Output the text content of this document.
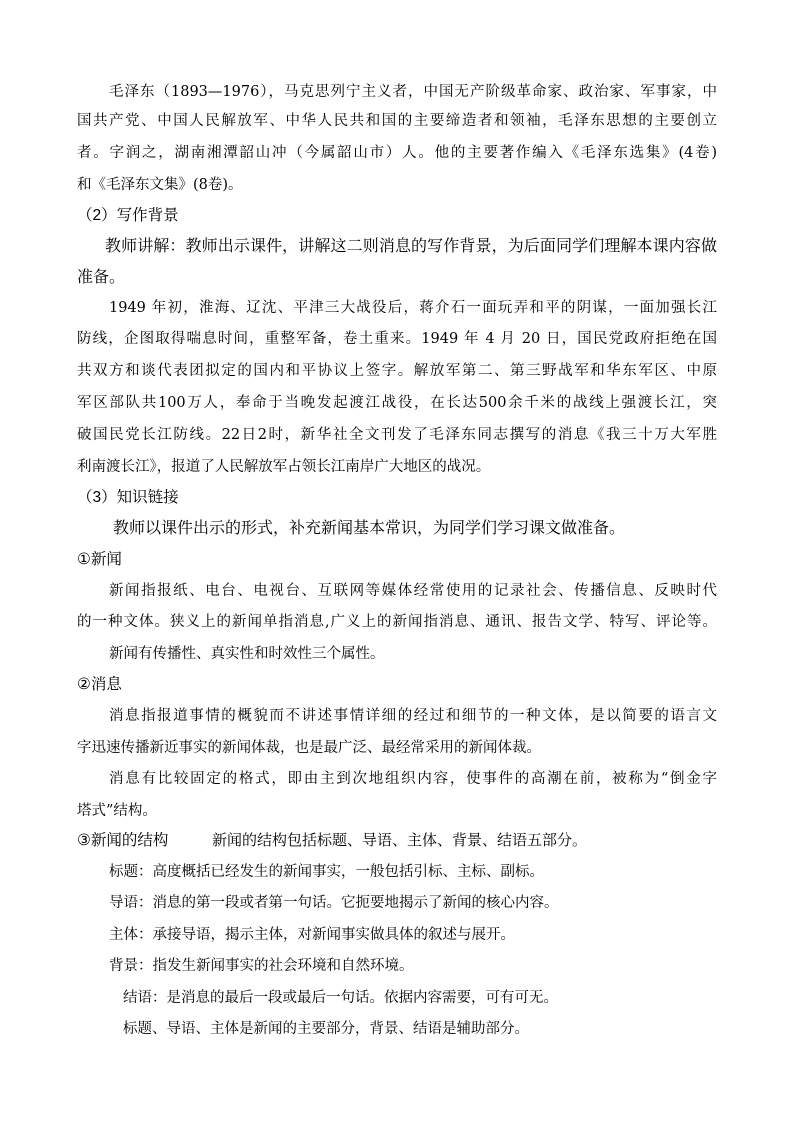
毛泽东（1893—1976），马克思列宁主义者，中国无产阶级革命家、政治家、军事家，中

国共产党、中国人民解放军、中华人民共和国的主要缔造者和领袖，毛泽东思想的主要创立

者。字润之，湖南湘潭韶山冲（今属韶山市）人。他的主要著作编入《毛泽东选集》(4卷)

和《毛泽东文集》(8卷)。

（2）写作背景

教师讲解：教师出示课件，讲解这二则消息的写作背景，为后面同学们理解本课内容做

准备。

1949 年初，淮海、辽沈、平津三大战役后，蒋介石一面玩弄和平的阴谋，一面加强长江

防线，企图取得喘息时间，重整军备，卷土重来。1949 年 4 月 20 日，国民党政府拒绝在国

共双方和谈代表团拟定的国内和平协议上签字。解放军第二、第三野战军和华东军区、中原

军区部队共100万人，奉命于当晚发起渡江战役，在长达500余千米的战线上强渡长江，突

破国民党长江防线。22日2时，新华社全文刊发了毛泽东同志撰写的消息《我三十万大军胜

利南渡长江》，报道了人民解放军占领长江南岸广大地区的战况。

（3）知识链接

教师以课件出示的形式，补充新闻基本常识，为同学们学习课文做准备。

①新闻

新闻指报纸、电台、电视台、互联网等媒体经常使用的记录社会、传播信息、反映时代

的一种文体。狭义上的新闻单指消息,广义上的新闻指消息、通讯、报告文学、特写、评论等。

新闻有传播性、真实性和时效性三个属性。

②消息

消息指报道事情的概貌而不讲述事情详细的经过和细节的一种文体，是以简要的语言文

字迅速传播新近事实的新闻体裁，也是最广泛、最经常采用的新闻体裁。

消息有比较固定的格式，即由主到次地组织内容，使事件的高潮在前，被称为“倒金字

塔式”结构。

③新闻的结构	新闻的结构包括标题、导语、主体、背景、结语五部分。

标题：高度概括已经发生的新闻事实，一般包括引标、主标、副标。

导语：消息的第一段或者第一句话。它扼要地揭示了新闻的核心内容。

主体：承接导语，揭示主体，对新闻事实做具体的叙述与展开。

背景：指发生新闻事实的社会环境和自然环境。

结语：是消息的最后一段或最后一句话。依据内容需要，可有可无。

标题、导语、主体是新闻的主要部分，背景、结语是辅助部分。
